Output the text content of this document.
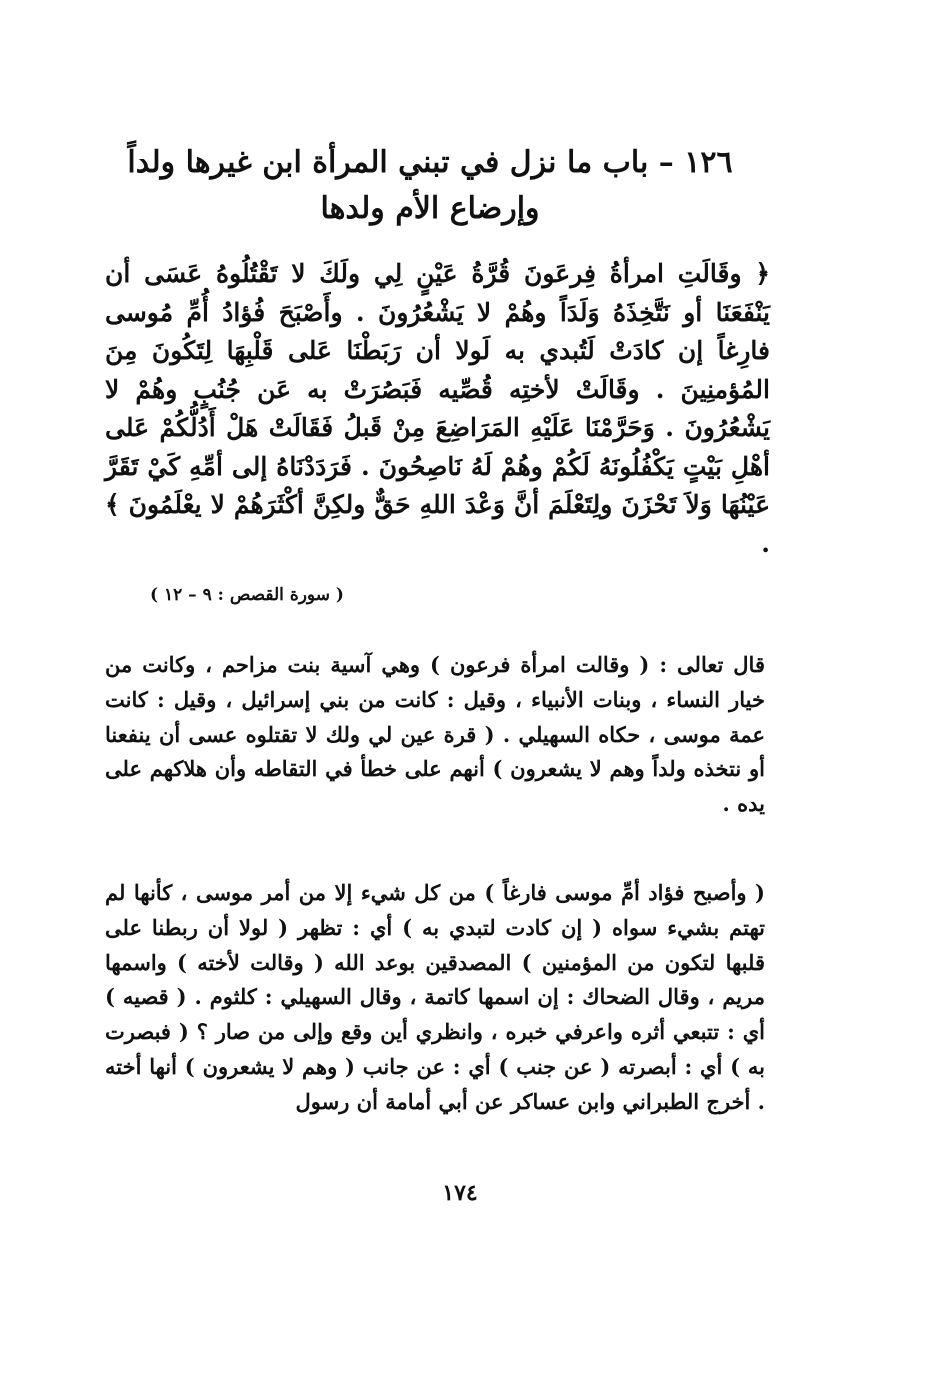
١٢٦ – باب ما نزل في تبني المرأة ابن غيرها ولداً وإرضاع الأم ولدها

﴿ وقَالَتِ امرأةُ فِرعَونَ قُرَّةُ عَيْنٍ لِي ولَكَ لا تَقْتُلُوهُ عَسَى أن يَنْفَعَنَا أو نَتَّخِذَهُ وَلَدَاً وهُمْ لا يَشْعُرُونَ . وأَصْبَحَ فُؤادُ أُمِّ مُوسى فارِغاً إن كادَتْ لَتُبدي به لَولا أن رَبَطْنَا عَلى قَلْبِهَا لِتَكُونَ مِنَ المُؤمنِينَ . وقَالَتْ لأختِه قُصِّيه فَبَصُرَتْ به عَن جُنُبٍ وهُمْ لا يَشْعُرُونَ . وَحَرَّمْنَا عَلَيْهِ المَرَاضِعَ مِنْ قَبلُ فَقَالَتْ هَلْ أَدُلُّكُمْ عَلى أهْلِ بَيْتٍ يَكْفُلُونَهُ لَكُمْ وهُمْ لَهُ نَاصِحُونَ . فَرَدَدْنَاهُ إلى أمِّهِ كَيْ تَقَرَّ عَيْنُهَا وَلاَ تَحْزَنَ ولِتَعْلَمَ أنَّ وَعْدَ اللهِ حَقٌّ ولكِنَّ أكْثَرَهُمْ لا يعْلَمُونَ ﴾ .

( سورة القصص : ٩ – ١٢ )

قال تعالى : ( وقالت امرأة فرعون ) وهي آسية بنت مزاحم ، وكانت من خيار النساء ، وبنات الأنبياء ، وقيل : كانت من بني إسرائيل ، وقيل : كانت عمة موسى ، حكاه السهيلي . ( قرة عين لي ولك لا تقتلوه عسى أن ينفعنا أو نتخذه ولداً وهم لا يشعرون ) أنهم على خطأ في التقاطه وأن هلاكهم على يده .

( وأصبح فؤاد أمِّ موسى فارغاً ) من كل شيء إلا من أمر موسى ، كأنها لم تهتم بشيء سواه ( إن كادت لتبدي به ) أي : تظهر ( لولا أن ربطنا على قلبها لتكون من المؤمنين ) المصدقين بوعد الله ( وقالت لأخته ) واسمها مريم ، وقال الضحاك : إن اسمها كاتمة ، وقال السهيلي : كلثوم . ( قصيه ) أي : تتبعي أثره واعرفي خبره ، وانظري أين وقع وإلى من صار ؟ ( فبصرت به ) أي : أبصرته ( عن جنب ) أي : عن جانب ( وهم لا يشعرون ) أنها أخته . أخرج الطبراني وابن عساكر عن أبي أمامة أن رسول

١٧٤
